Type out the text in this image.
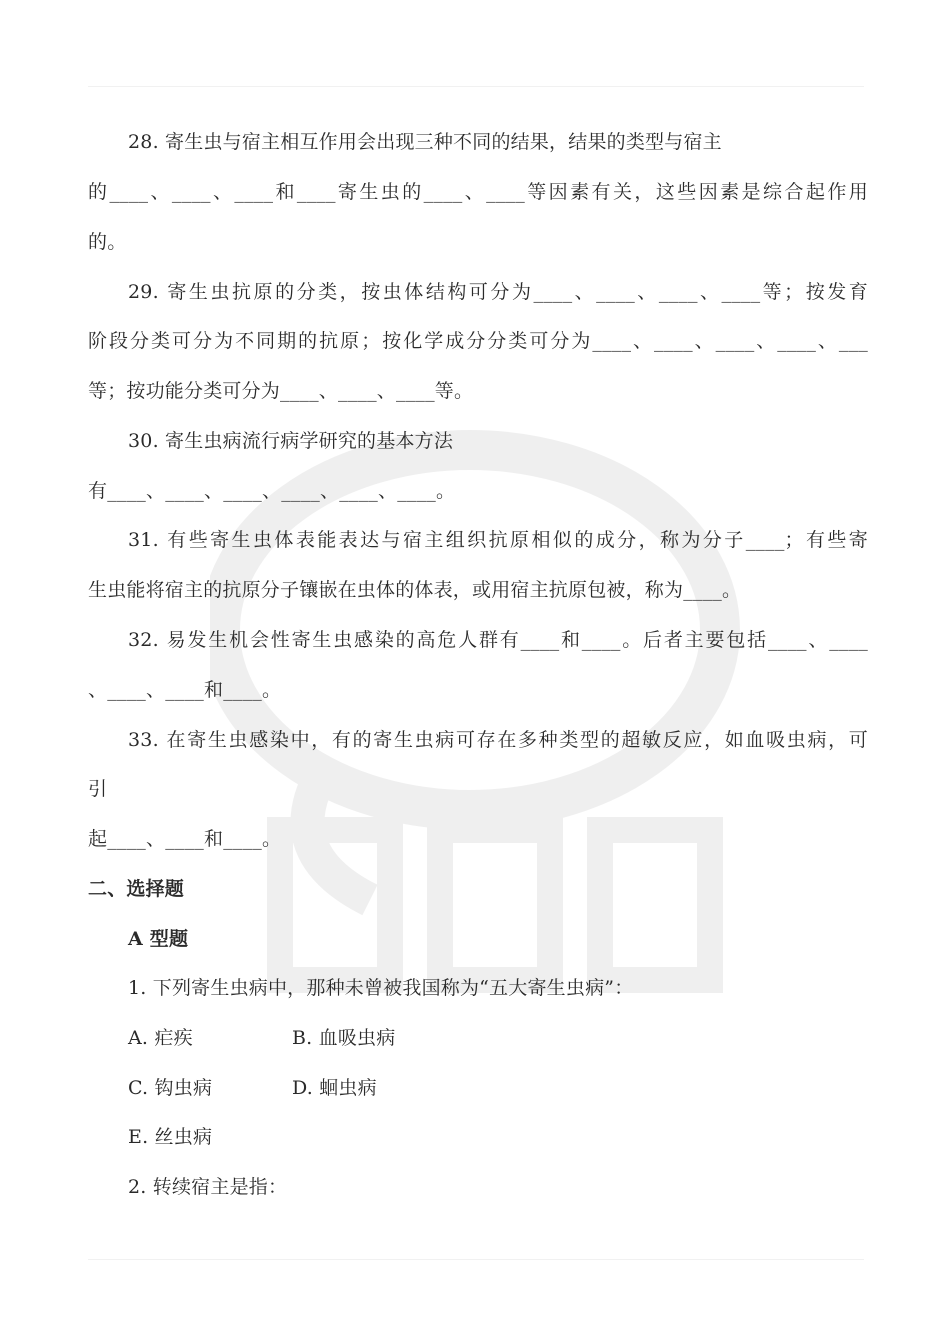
28. 寄生虫与宿主相互作用会出现三种不同的结果，结果的类型与宿主
的____、____、____和____寄生虫的____、____等因素有关，这些因素是综合起作用
的。
29. 寄生虫抗原的分类，按虫体结构可分为____、____、____、____等；按发育
阶段分类可分为不同期的抗原；按化学成分分类可分为____、____、____、____、___
等；按功能分类可分为____、____、____等。
30. 寄生虫病流行病学研究的基本方法
有____、____、____、____、____、____。
31. 有些寄生虫体表能表达与宿主组织抗原相似的成分，称为分子____；有些寄
生虫能将宿主的抗原分子镶嵌在虫体的体表，或用宿主抗原包被，称为____。
32. 易发生机会性寄生虫感染的高危人群有____和____。后者主要包括____、____
、____、____和____。
33. 在寄生虫感染中，有的寄生虫病可存在多种类型的超敏反应，如血吸虫病，可
引
起____、____和____。
二、选择题
A 型题
1. 下列寄生虫病中，那种未曾被我国称为“五大寄生虫病”：
A. 疟疾	B. 血吸虫病
C. 钩虫病	D. 蛔虫病
E. 丝虫病
2. 转续宿主是指：
